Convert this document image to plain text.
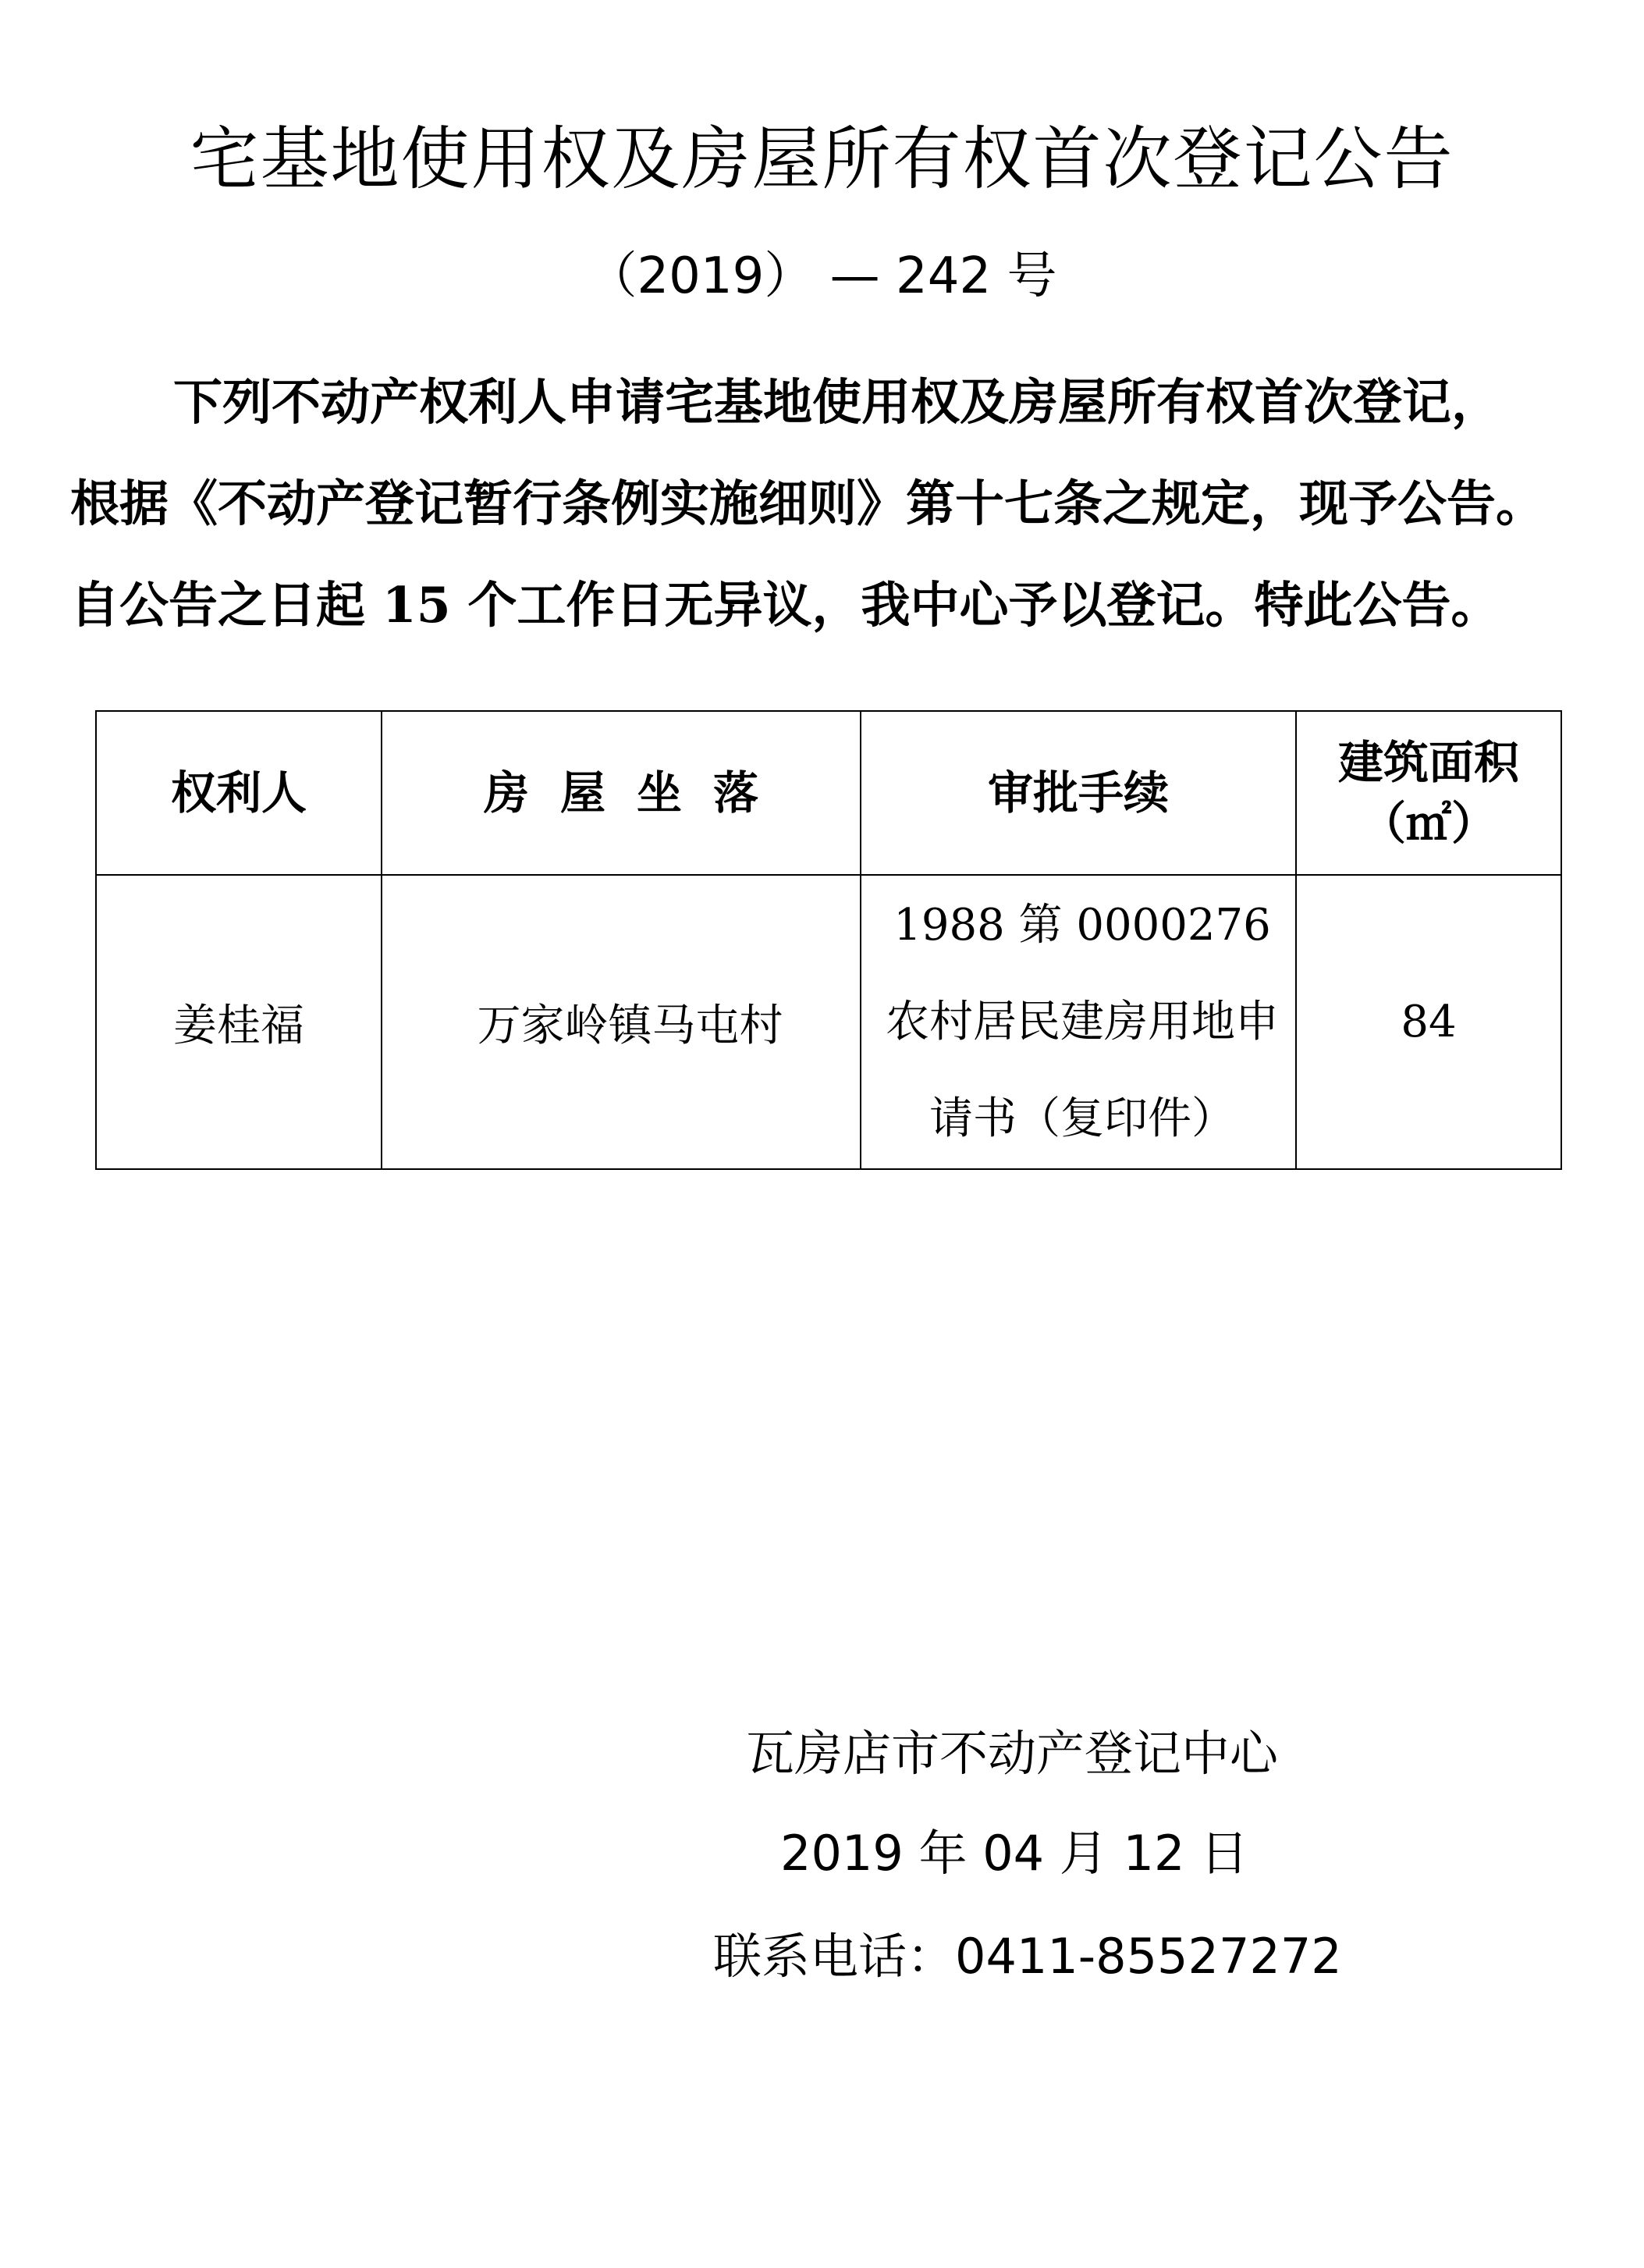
宅基地使用权及房屋所有权首次登记公告
（2019） — 242 号

下列不动产权利人申请宅基地使用权及房屋所有权首次登记，

根据《不动产登记暂行条例实施细则》第十七条之规定，现予公告。

自公告之日起 15 个工作日无异议，我中心予以登记。特此公告。

权利人	房屋坐落	审批手续	建筑面积
（㎡）

姜桂福	万家岭镇马屯村	1988 第 0000276 农村居民建房用地申请书（复印件）	84
瓦房店市不动产登记中心
2019 年 04 月 12 日
联系电话：0411-85527272
